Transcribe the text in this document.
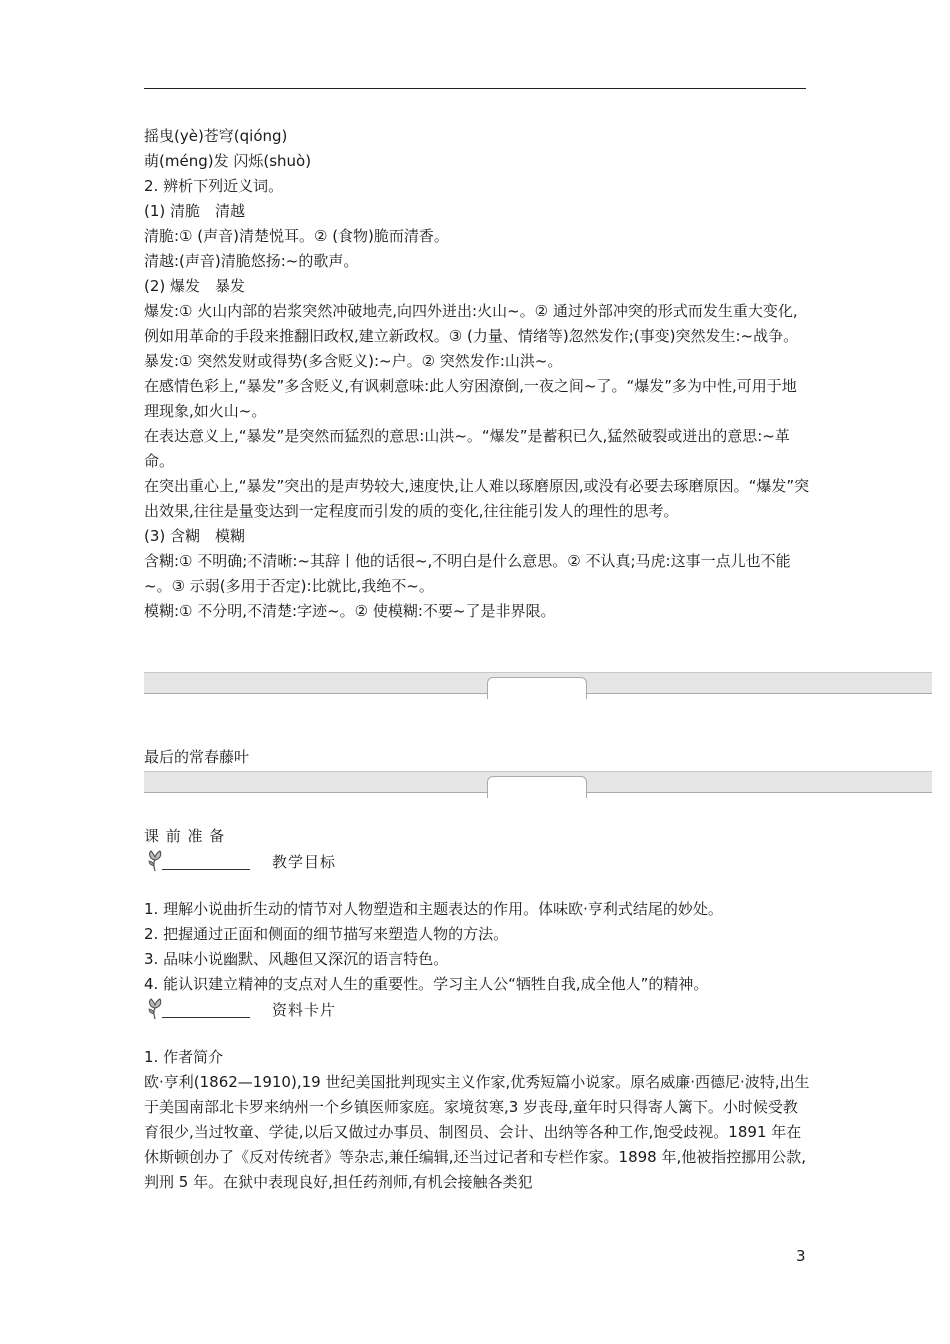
摇曳(yè)苍穹(qióng)
萌(méng)发 闪烁(shuò)
2. 辨析下列近义词。
(1) 清脆　清越
清脆:① (声音)清楚悦耳。② (食物)脆而清香。
清越:(声音)清脆悠扬:~的歌声。
(2) 爆发　暴发
爆发:① 火山内部的岩浆突然冲破地壳,向四外迸出:火山~。② 通过外部冲突的形式而发生重大变化,例如用革命的手段来推翻旧政权,建立新政权。③ (力量、情绪等)忽然发作;(事变)突然发生:~战争。
暴发:① 突然发财或得势(多含贬义):~户。② 突然发作:山洪~。
在感情色彩上,“暴发”多含贬义,有讽刺意味:此人穷困潦倒,一夜之间~了。“爆发”多为中性,可用于地理现象,如火山~。
在表达意义上,“暴发”是突然而猛烈的意思:山洪~。“爆发”是蓄积已久,猛然破裂或迸出的意思:~革命。
在突出重心上,“暴发”突出的是声势较大,速度快,让人难以琢磨原因,或没有必要去琢磨原因。“爆发”突出效果,往往是量变达到一定程度而引发的质的变化,往往能引发人的理性的思考。
(3) 含糊　模糊
含糊:① 不明确;不清晰:~其辞丨他的话很~,不明白是什么意思。② 不认真;马虎:这事一点儿也不能~。③ 示弱(多用于否定):比就比,我绝不~。
模糊:① 不分明,不清楚:字迹~。② 使模糊:不要~了是非界限。
最后的常春藤叶
课 前 准 备
教学目标
1. 理解小说曲折生动的情节对人物塑造和主题表达的作用。体味欧·亨利式结尾的妙处。
2. 把握通过正面和侧面的细节描写来塑造人物的方法。
3. 品味小说幽默、风趣但又深沉的语言特色。
4. 能认识建立精神的支点对人生的重要性。学习主人公“牺牲自我,成全他人”的精神。
资料卡片
1. 作者简介
欧·亨利(1862—1910),19 世纪美国批判现实主义作家,优秀短篇小说家。原名威廉·西德尼·波特,出生于美国南部北卡罗来纳州一个乡镇医师家庭。家境贫寒,3 岁丧母,童年时只得寄人篱下。小时候受教育很少,当过牧童、学徒,以后又做过办事员、制图员、会计、出纳等各种工作,饱受歧视。1891 年在休斯顿创办了《反对传统者》等杂志,兼任编辑,还当过记者和专栏作家。1898 年,他被指控挪用公款,判刑 5 年。在狱中表现良好,担任药剂师,有机会接触各类犯
3
